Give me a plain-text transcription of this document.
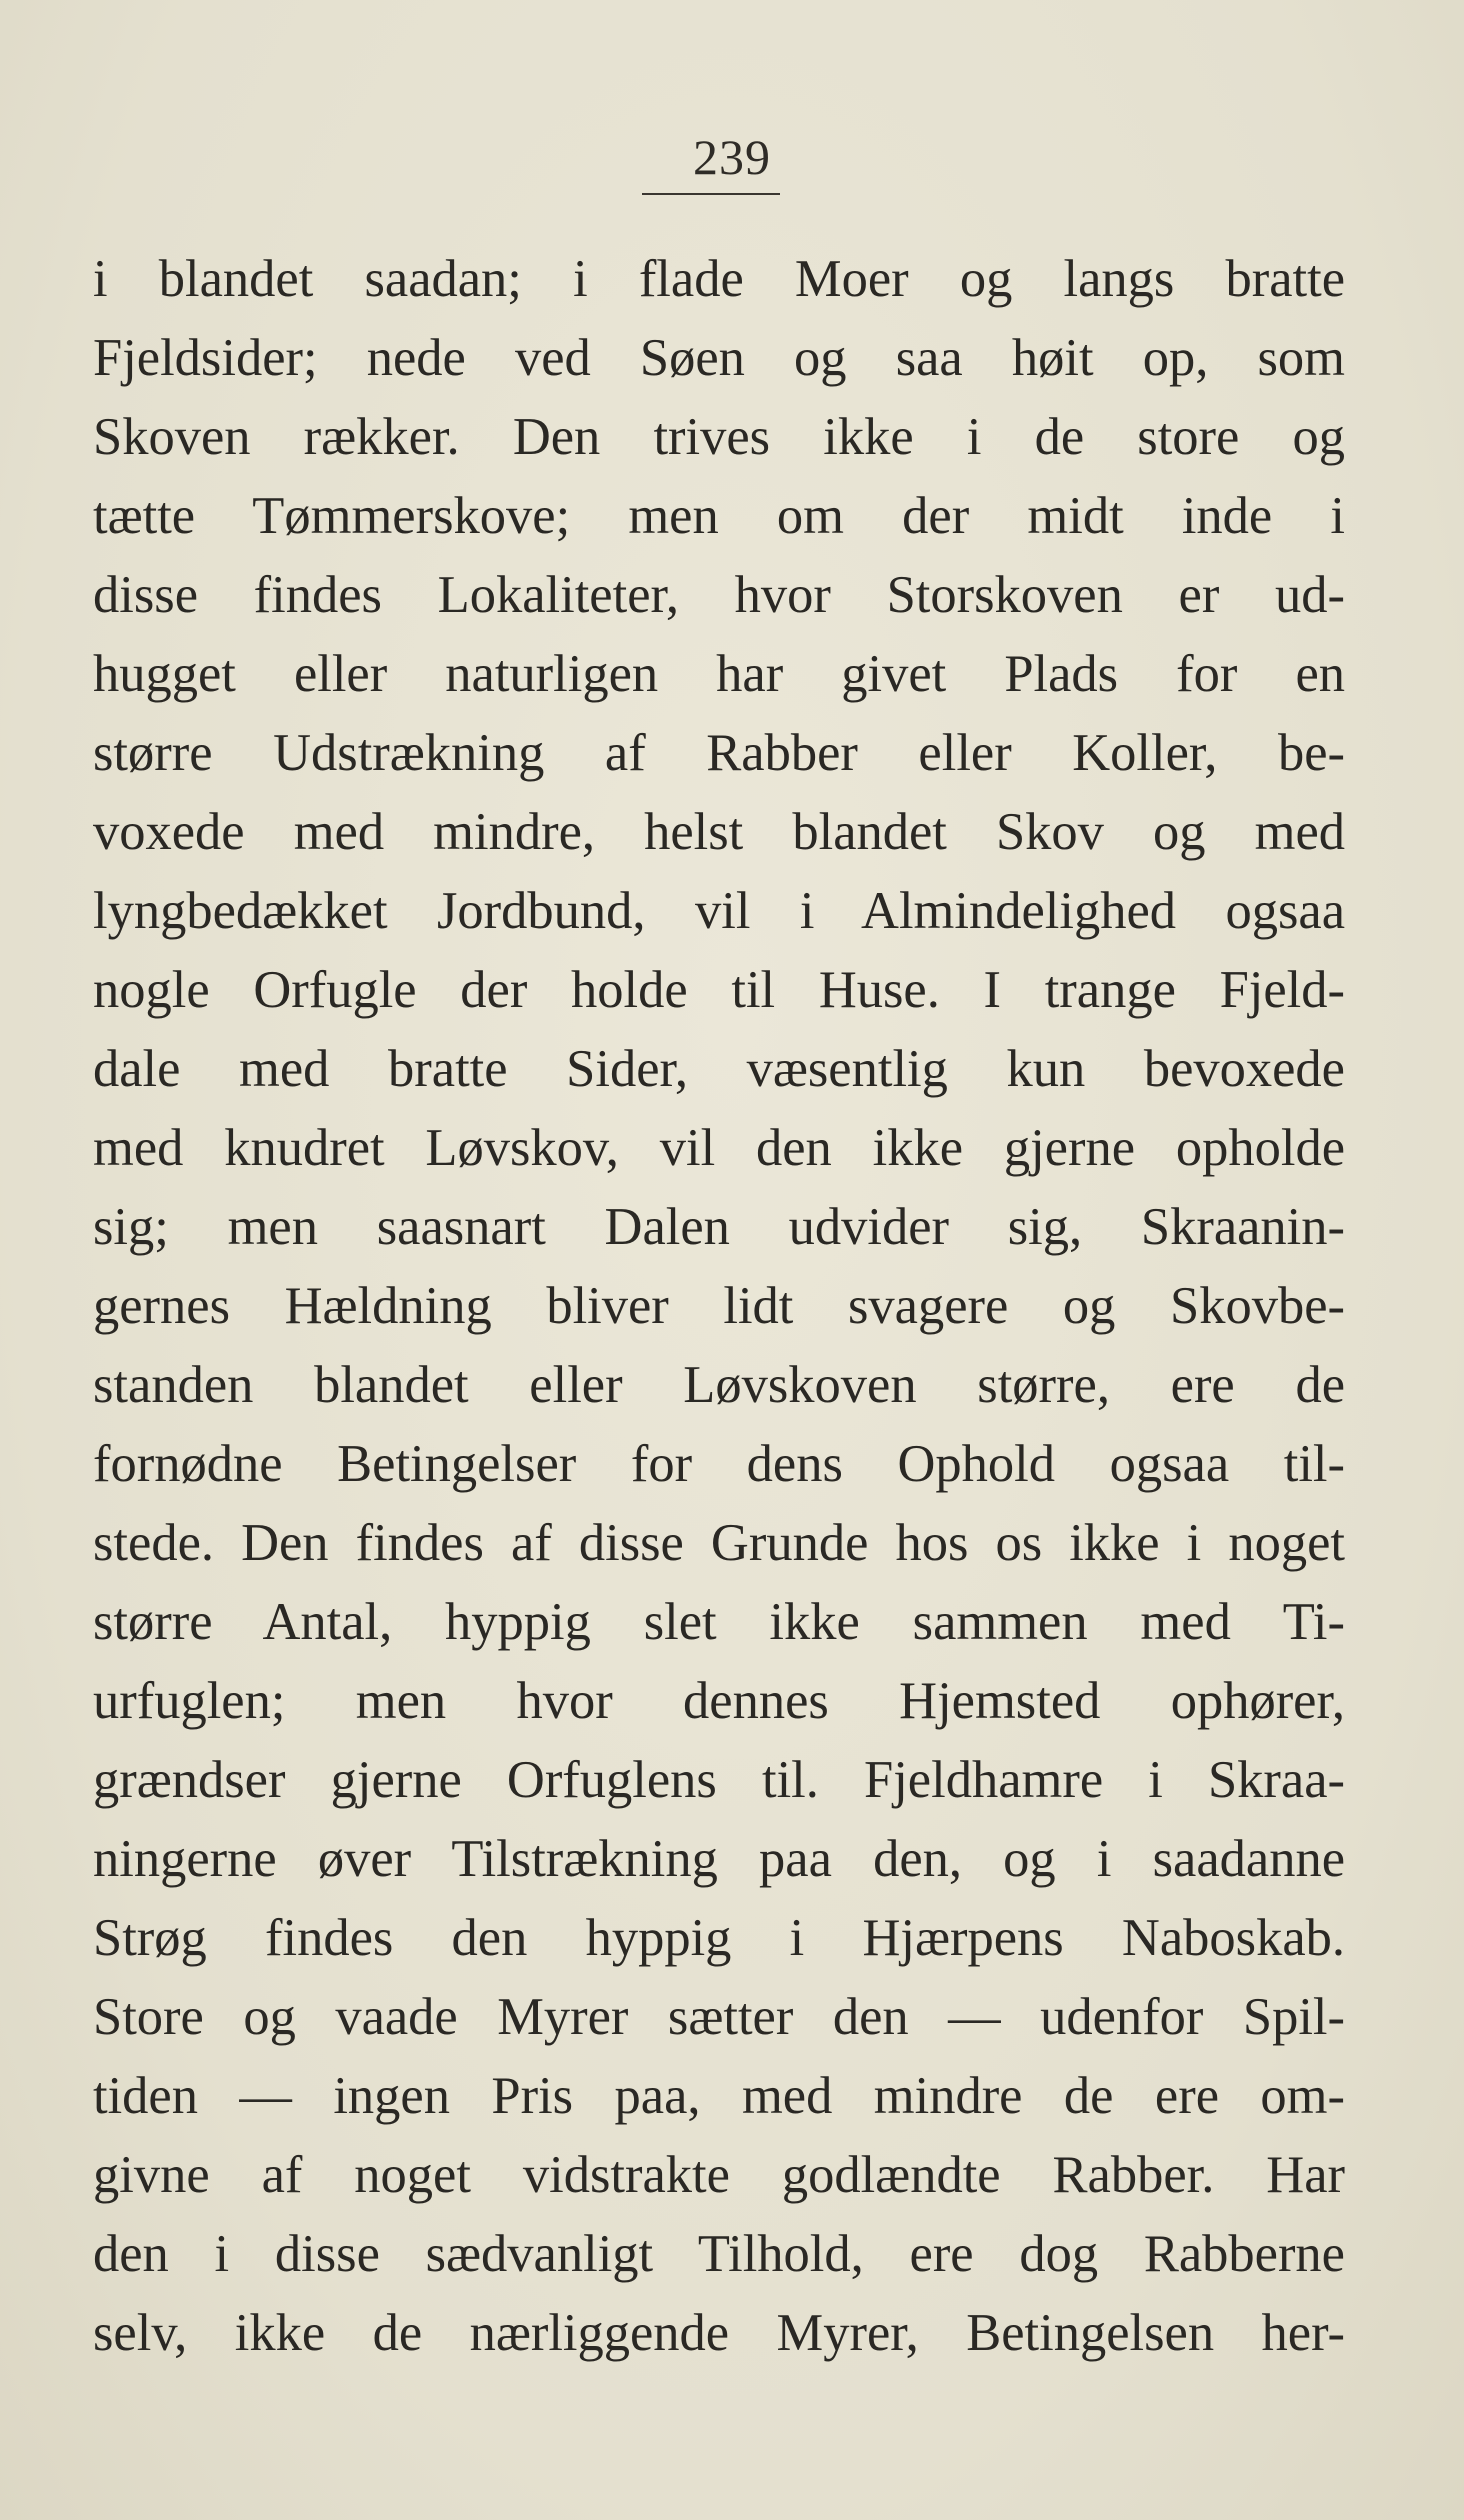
239
i blandet saadan; i flade Moer og langs bratte
Fjeldsider; nede ved Søen og saa høit op, som
Skoven rækker. Den trives ikke i de store og
tætte Tømmerskove; men om der midt inde i
disse findes Lokaliteter, hvor Storskoven er ud-
hugget eller naturligen har givet Plads for en
større Udstrækning af Rabber eller Koller, be-
voxede med mindre, helst blandet Skov og med
lyngbedækket Jordbund, vil i Almindelighed ogsaa
nogle Orfugle der holde til Huse. I trange Fjeld-
dale med bratte Sider, væsentlig kun bevoxede
med knudret Løvskov, vil den ikke gjerne opholde
sig; men saasnart Dalen udvider sig, Skraanin-
gernes Hældning bliver lidt svagere og Skovbe-
standen blandet eller Løvskoven større, ere de
fornødne Betingelser for dens Ophold ogsaa til-
stede. Den findes af disse Grunde hos os ikke i noget
større Antal, hyppig slet ikke sammen med Ti-
urfuglen; men hvor dennes Hjemsted ophører,
grændser gjerne Orfuglens til. Fjeldhamre i Skraa-
ningerne øver Tilstrækning paa den, og i saadanne
Strøg findes den hyppig i Hjærpens Naboskab.
Store og vaade Myrer sætter den — udenfor Spil-
tiden — ingen Pris paa, med mindre de ere om-
givne af noget vidstrakte godlændte Rabber. Har
den i disse sædvanligt Tilhold, ere dog Rabberne
selv, ikke de nærliggende Myrer, Betingelsen her-
